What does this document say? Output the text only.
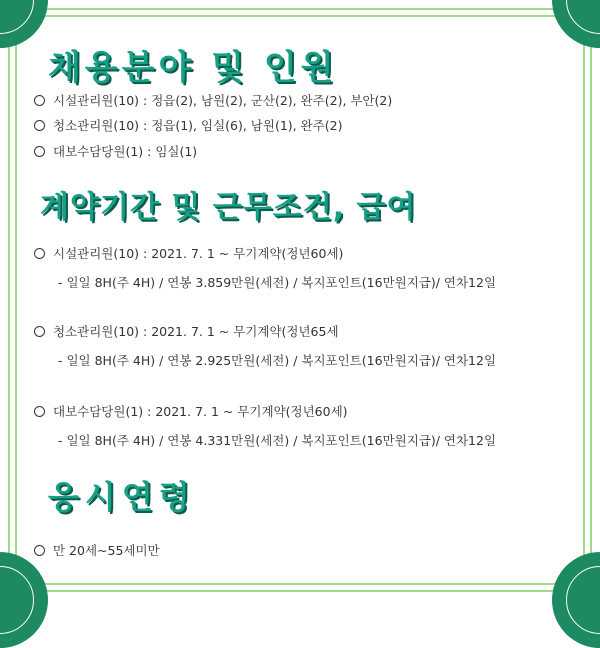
채용분야 및 인원
시설관리원(10) : 정읍(2), 남원(2), 군산(2), 완주(2), 부안(2)
청소관리원(10) : 정읍(1), 임실(6), 남원(1), 완주(2)
대보수담당원(1) : 임실(1)
계약기간 및 근무조건, 급여
시설관리원(10) : 2021. 7. 1 ~ 무기계약(정년60세)
- 일일 8H(주 4H) / 연봉 3.859만원(세전) / 복지포인트(16만원지급)/ 연차12일
청소관리원(10) : 2021. 7. 1 ~ 무기계약(정년65세
- 일일 8H(주 4H) / 연봉 2.925만원(세전) / 복지포인트(16만원지급)/ 연차12일
대보수담당원(1) : 2021. 7. 1 ~ 무기계약(정년60세)
- 일일 8H(주 4H) / 연봉 4.331만원(세전) / 복지포인트(16만원지급)/ 연차12일
응시연령
만 20세~55세미만
